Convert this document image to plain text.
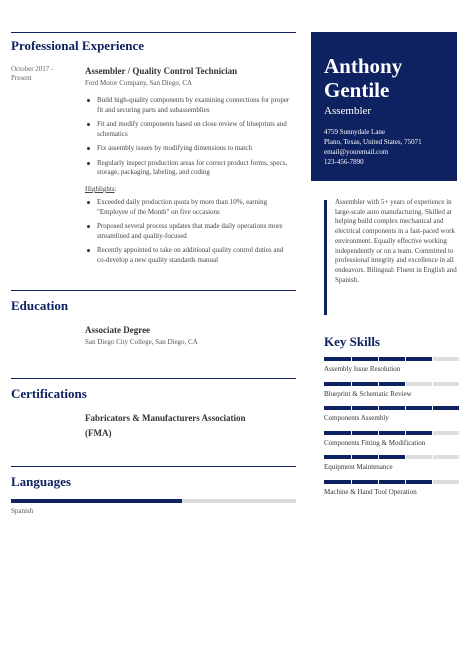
Professional Experience
October 2017 -
Present
Assembler / Quality Control Technician
Ford Motor Company, San Diego, CA
Build high-quality components by examining connections for proper fit and securing parts and subassemblies
Fit and modify components based on close review of blueprints and schematics
Fix assembly issues by modifying dimensions to match
Regularly inspect production areas for correct product forms, specs, storage, packaging, labeling, and coding
Highlights:
Exceeded daily production quota by more than 10%, earning "Employee of the Month" on five occasions
Proposed several process updates that made daily operations more streamlined and quality-focused
Recently appointed to take on additional quality control duties and co-develop a new quality standards manual
Education
Associate Degree
San Diego City College, San Diego, CA
Certifications
Fabricators & Manufacturers Association
(FMA)
Languages
Spanish
Anthony
Gentile
Assembler
4759 Sunnydale Lane
Plano, Texas, United States, 75071
email@youremail.com
123-456-7890
Assembler with 5+ years of experience in large-scale auto manufacturing. Skilled at helping build complex mechanical and electrical components in a fast-paced work environment. Equally effective working independently or on a team. Committed to professional integrity and excellence in all endeavors. Bilingual: Fluent in English and Spanish.
Key Skills
Assembly Issue Resolution
Blueprint & Schematic Review
Components Assembly
Components Fitting & Modification
Equipment Maintenance
Machine & Hand Tool Operation
